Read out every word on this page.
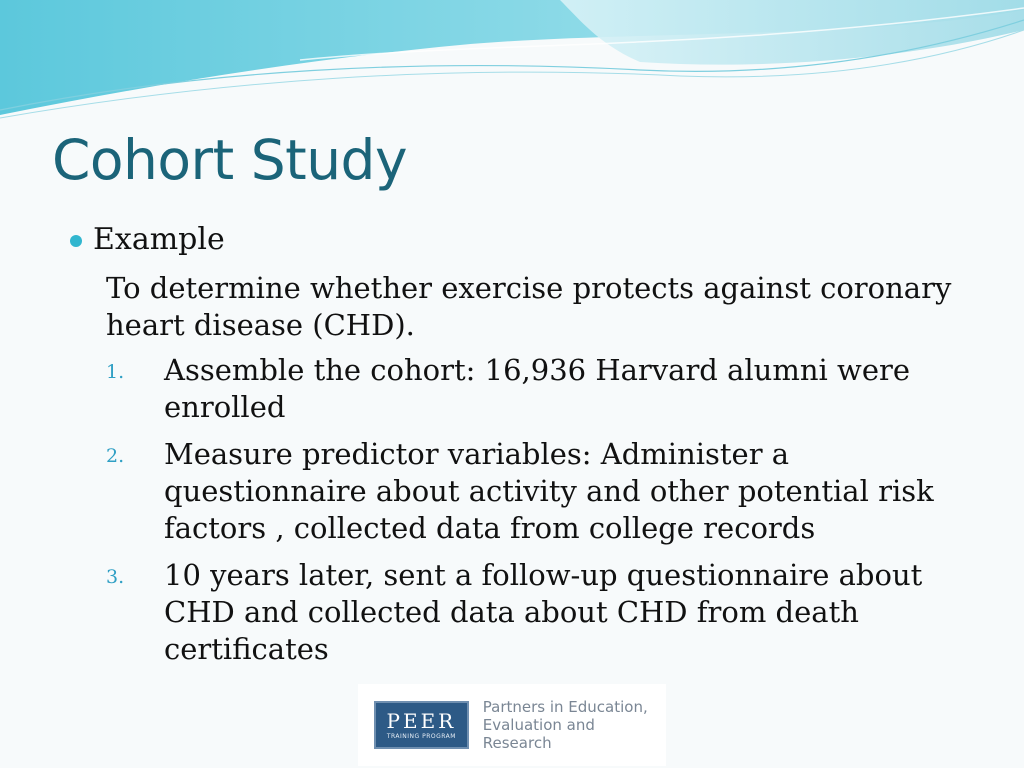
Cohort Study
Example

To determine whether exercise protects against coronary heart disease (CHD).

1.	Assemble the cohort: 16,936 Harvard alumni were enrolled
2.	Measure predictor variables: Administer a questionnaire about activity and other potential risk factors , collected data from college records
3.	10 years later, sent a follow-up questionnaire about CHD and collected data about CHD from death certificates
PEER
TRAINING PROGRAM
Partners in Education,
Evaluation and Research
